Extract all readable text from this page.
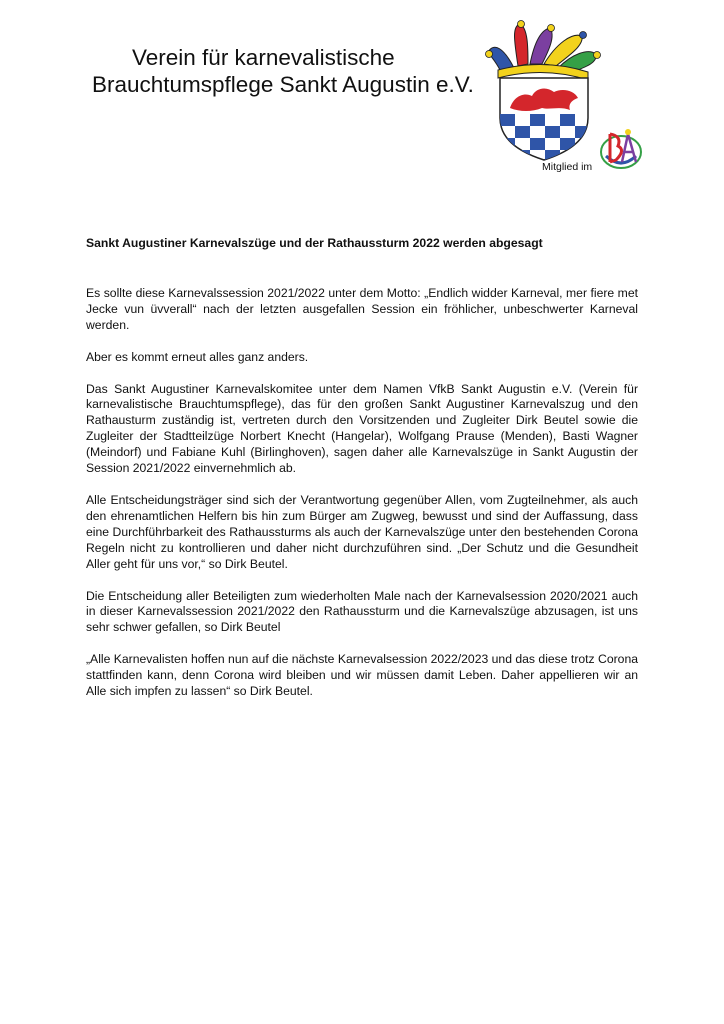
Verein für karnevalistische
Brauchtumspflege Sankt Augustin e.V.
Mitglied im
Sankt Augustiner Karnevalszüge und der Rathaussturm 2022 werden abgesagt

Es sollte diese Karnevalssession 2021/2022 unter dem Motto: „Endlich widder Karneval, mer fiere met Jecke vun üvverall“ nach der letzten ausgefallen Session ein fröhlicher, unbeschwerter Karneval werden.

Aber es kommt erneut alles ganz anders.

Das Sankt Augustiner Karnevalskomitee unter dem Namen VfkB Sankt Augustin e.V. (Verein für karnevalistische Brauchtumspflege), das für den großen Sankt Augustiner Karnevalszug und den Rathausturm zuständig ist, vertreten durch den Vorsitzenden und Zugleiter Dirk Beutel sowie die Zugleiter der Stadtteilzüge Norbert Knecht (Hangelar), Wolfgang Prause (Menden), Basti Wagner (Meindorf) und Fabiane Kuhl (Birlinghoven), sagen daher alle Karnevalszüge in Sankt Augustin der Session 2021/2022 einvernehmlich ab.

Alle Entscheidungsträger sind sich der Verantwortung gegenüber Allen, vom Zugteilnehmer, als auch den ehrenamtlichen Helfern bis hin zum Bürger am Zugweg, bewusst und sind der Auffassung, dass eine Durchführbarkeit des Rathaussturms als auch der Karnevalszüge unter den bestehenden Corona Regeln nicht zu kontrollieren und daher nicht durchzuführen sind. „Der Schutz und die Gesundheit Aller geht für uns vor,“ so Dirk Beutel.

Die Entscheidung aller Beteiligten zum wiederholten Male nach der Karnevalsession 2020/2021 auch in dieser Karnevalssession 2021/2022 den Rathaussturm und die Karnevalszüge abzusagen, ist uns sehr schwer gefallen, so Dirk Beutel

„Alle Karnevalisten hoffen nun auf die nächste Karnevalsession 2022/2023 und das diese trotz Corona stattfinden kann, denn Corona wird bleiben und wir müssen damit Leben. Daher appellieren wir an Alle sich impfen zu lassen“ so Dirk Beutel.
